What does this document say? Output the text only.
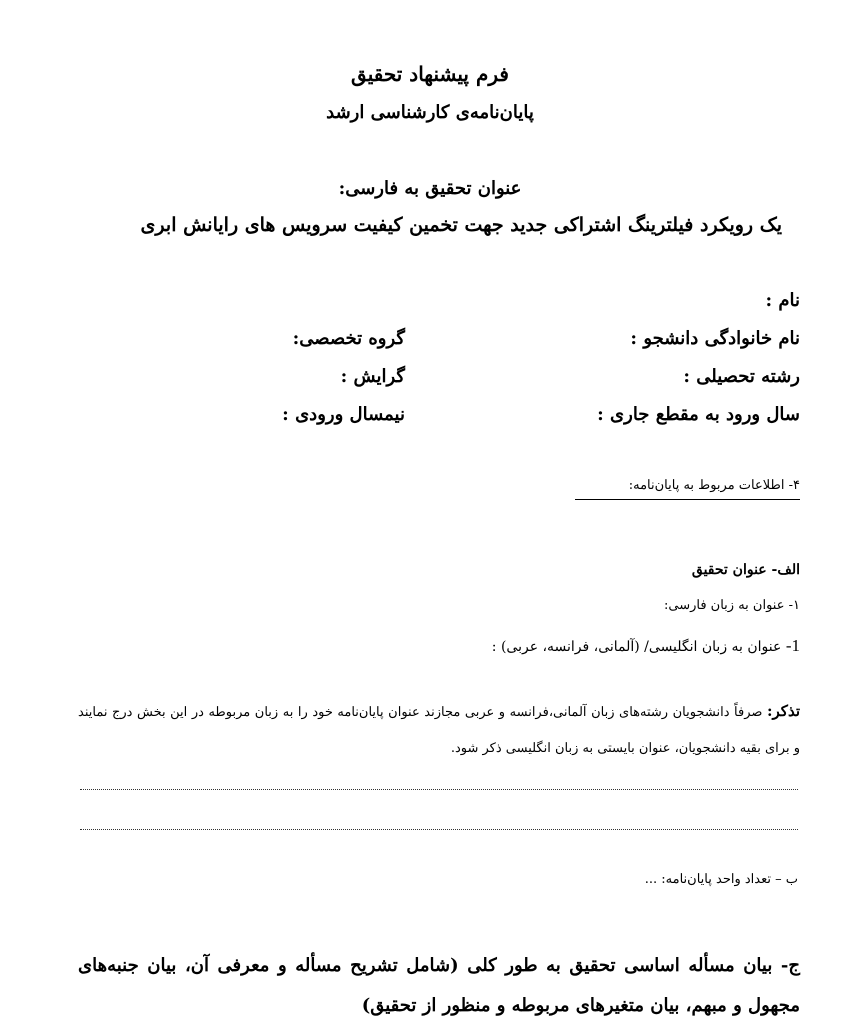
فرم پیشنهاد تحقیق
پایان‌نامه‌ی کارشناسی ارشد
عنوان تحقیق به فارسی:
یک رویکرد فیلترینگ اشتراکی جدید جهت تخمین کیفیت سرویس های رایانش ابری
نام :
نام خانوادگی دانشجو :
گروه تخصصی:
رشته تحصیلی :
گرایش :
سال ورود به مقطع جاری :
نیمسال ورودی :
۴- اطلاعات مربوط به پایان‌نامه:
الف- عنوان تحقیق
۱- عنوان به زبان فارسی:
1- عنوان به زبان انگلیسی/ (آلمانی، فرانسه، عربی) :
تذکر: صرفاً دانشجویان رشته‌های زبان آلمانی،فرانسه و عربی مجازند عنوان پایان‌نامه خود را به زبان مربوطه در این بخش درج نمایند و برای بقیه دانشجویان، عنوان بایستی به زبان انگلیسی ذکر شود.
ب – تعداد واحد پایان‌نامه: ...
ج- بیان مسأله اساسی تحقیق به طور کلی (شامل تشریح مسأله و معرفی آن، بیان جنبه‌های مجهول و مبهم، بیان متغیرهای مربوطه و منظور از تحقیق)
